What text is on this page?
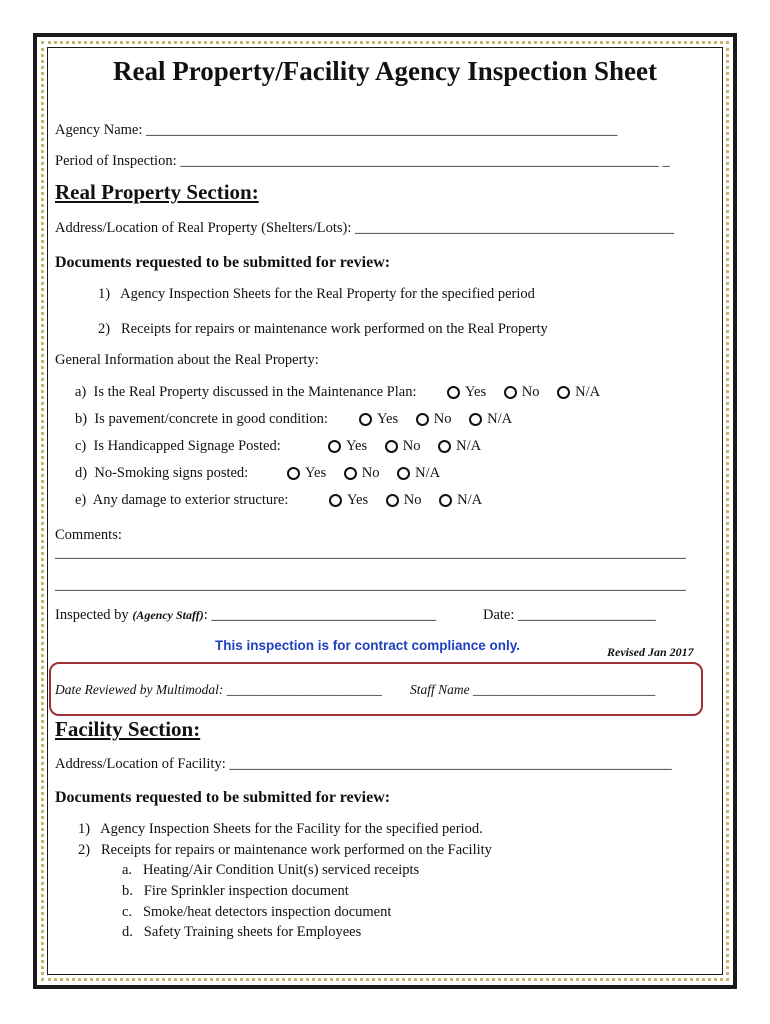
Real Property/Facility Agency Inspection Sheet
Agency Name: _________________________________________________________________
Period of Inspection: __________________________________________________________________ _
Real Property Section:
Address/Location of Real Property (Shelters/Lots): ____________________________________________
Documents requested to be submitted for review:
1) Agency Inspection Sheets for the Real Property for the specified period
2) Receipts for repairs or maintenance work performed on the Real Property
General Information about the Real Property:
a) Is the Real Property discussed in the Maintenance Plan:	Yes
No
N/A
b) Is pavement/concrete in good condition:	Yes
No
N/A
c) Is Handicapped Signage Posted:	Yes
No
N/A
d) No-Smoking signs posted:	Yes
No
N/A
e) Any damage to exterior structure:	Yes
No
N/A
Comments:
_______________________________________________________________________________________
_______________________________________________________________________________________
Inspected by (Agency Staff): _______________________________	Date: ___________________
This inspection is for contract compliance only.	Revised Jan 2017
Date Reviewed by Multimodal: _______________________ Staff Name ___________________________
Facility Section:
Address/Location of Facility: _____________________________________________________________
Documents requested to be submitted for review:
1) Agency Inspection Sheets for the Facility for the specified period.
2) Receipts for repairs or maintenance work performed on the Facility
a. Heating/Air Condition Unit(s) serviced receipts
b. Fire Sprinkler inspection document
c. Smoke/heat detectors inspection document
d. Safety Training sheets for Employees
